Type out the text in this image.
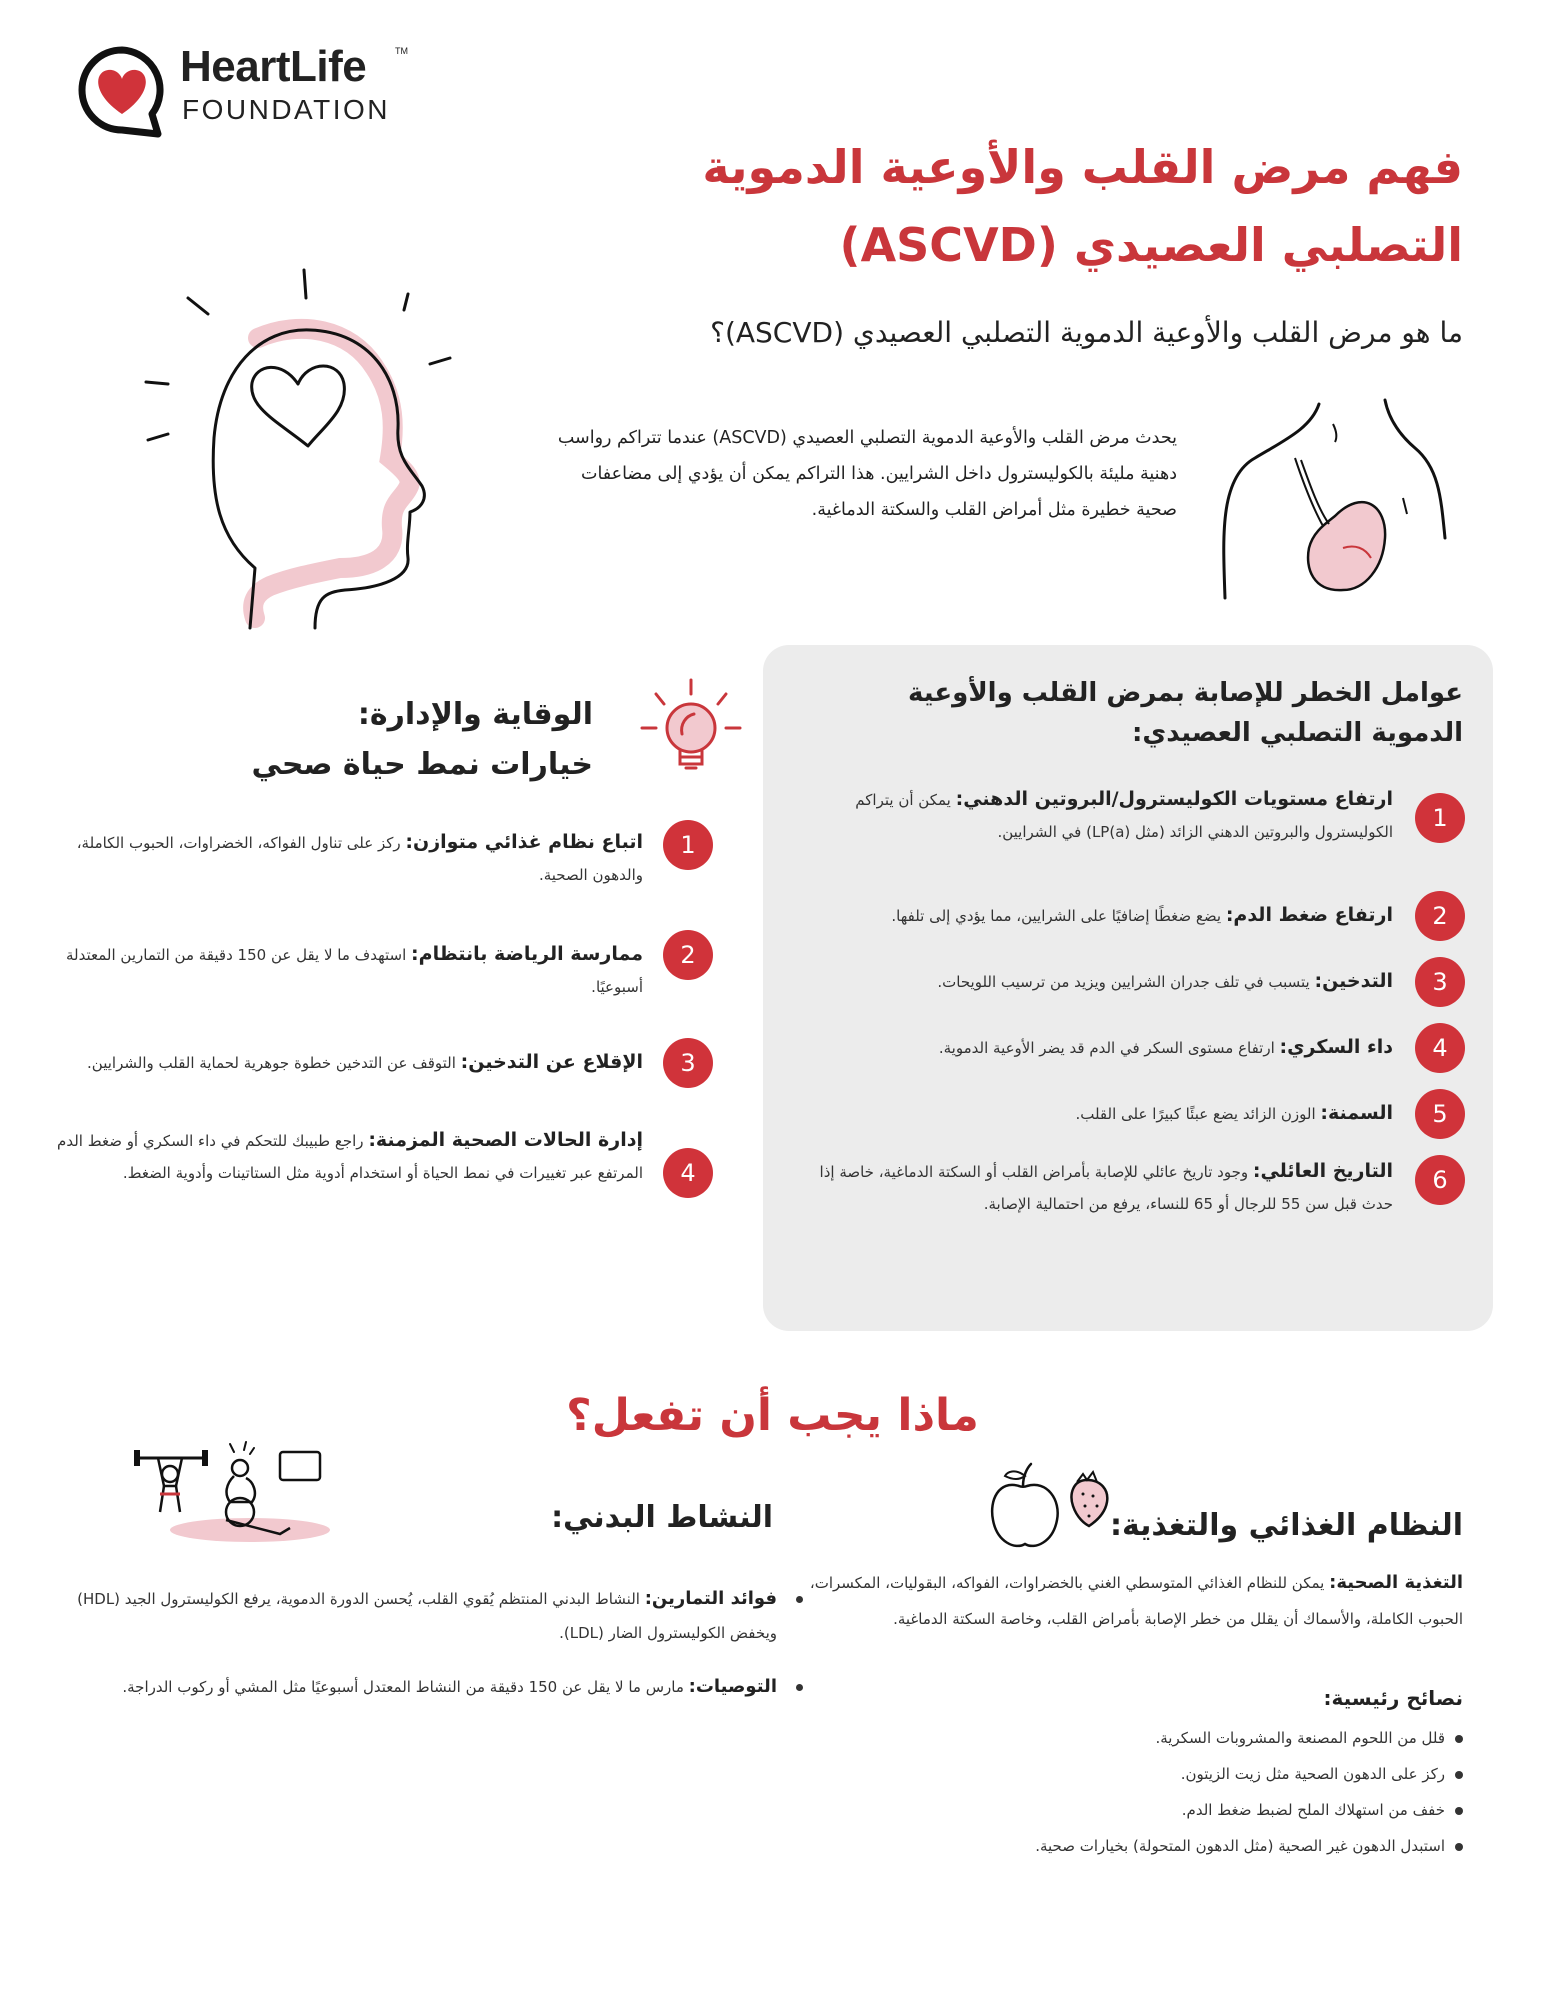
HeartLife	TM
FOUNDATION
فهم مرض القلب والأوعية الدموية
التصلبي العصيدي (ASCVD)
ما هو مرض القلب والأوعية الدموية التصلبي العصيدي (ASCVD)؟
يحدث مرض القلب والأوعية الدموية التصلبي العصيدي (ASCVD) عندما تتراكم رواسب دهنية مليئة بالكوليسترول داخل الشرايين. هذا التراكم يمكن أن يؤدي إلى مضاعفات صحية خطيرة مثل أمراض القلب والسكتة الدماغية.
عوامل الخطر للإصابة بمرض القلب والأوعية الدموية التصلبي العصيدي:
1
ارتفاع مستويات الكوليسترول/البروتين الدهني: يمكن أن يتراكم الكوليسترول والبروتين الدهني الزائد (مثل LP(a)) في الشرايين.
2
ارتفاع ضغط الدم: يضع ضغطًا إضافيًا على الشرايين، مما يؤدي إلى تلفها.
3
التدخين: يتسبب في تلف جدران الشرايين ويزيد من ترسيب اللويحات.
4
داء السكري: ارتفاع مستوى السكر في الدم قد يضر الأوعية الدموية.
5
السمنة: الوزن الزائد يضع عبئًا كبيرًا على القلب.
6
التاريخ العائلي: وجود تاريخ عائلي للإصابة بأمراض القلب أو السكتة الدماغية، خاصة إذا حدث قبل سن 55 للرجال أو 65 للنساء، يرفع من احتمالية الإصابة.
الوقاية والإدارة:
خيارات نمط حياة صحي
1
اتباع نظام غذائي متوازن: ركز على تناول الفواكه، الخضراوات، الحبوب الكاملة، والدهون الصحية.
2
ممارسة الرياضة بانتظام: استهدف ما لا يقل عن 150 دقيقة من التمارين المعتدلة أسبوعيًا.
3
الإقلاع عن التدخين: التوقف عن التدخين خطوة جوهرية لحماية القلب والشرايين.
4
إدارة الحالات الصحية المزمنة: راجع طبيبك للتحكم في داء السكري أو ضغط الدم المرتفع عبر تغييرات في نمط الحياة أو استخدام أدوية مثل الستاتينات وأدوية الضغط.
ماذا يجب أن تفعل؟
النظام الغذائي والتغذية:
التغذية الصحية: يمكن للنظام الغذائي المتوسطي الغني بالخضراوات، الفواكه، البقوليات، المكسرات، الحبوب الكاملة، والأسماك أن يقلل من خطر الإصابة بأمراض القلب، وخاصة السكتة الدماغية.
نصائح رئيسية:
قلل من اللحوم المصنعة والمشروبات السكرية.
ركز على الدهون الصحية مثل زيت الزيتون.
خفف من استهلاك الملح لضبط ضغط الدم.
استبدل الدهون غير الصحية (مثل الدهون المتحولة) بخيارات صحية.
النشاط البدني:
فوائد التمارين: النشاط البدني المنتظم يُقوي القلب، يُحسن الدورة الدموية، يرفع الكوليسترول الجيد (HDL) ويخفض الكوليسترول الضار (LDL).
التوصيات: مارس ما لا يقل عن 150 دقيقة من النشاط المعتدل أسبوعيًا مثل المشي أو ركوب الدراجة.
